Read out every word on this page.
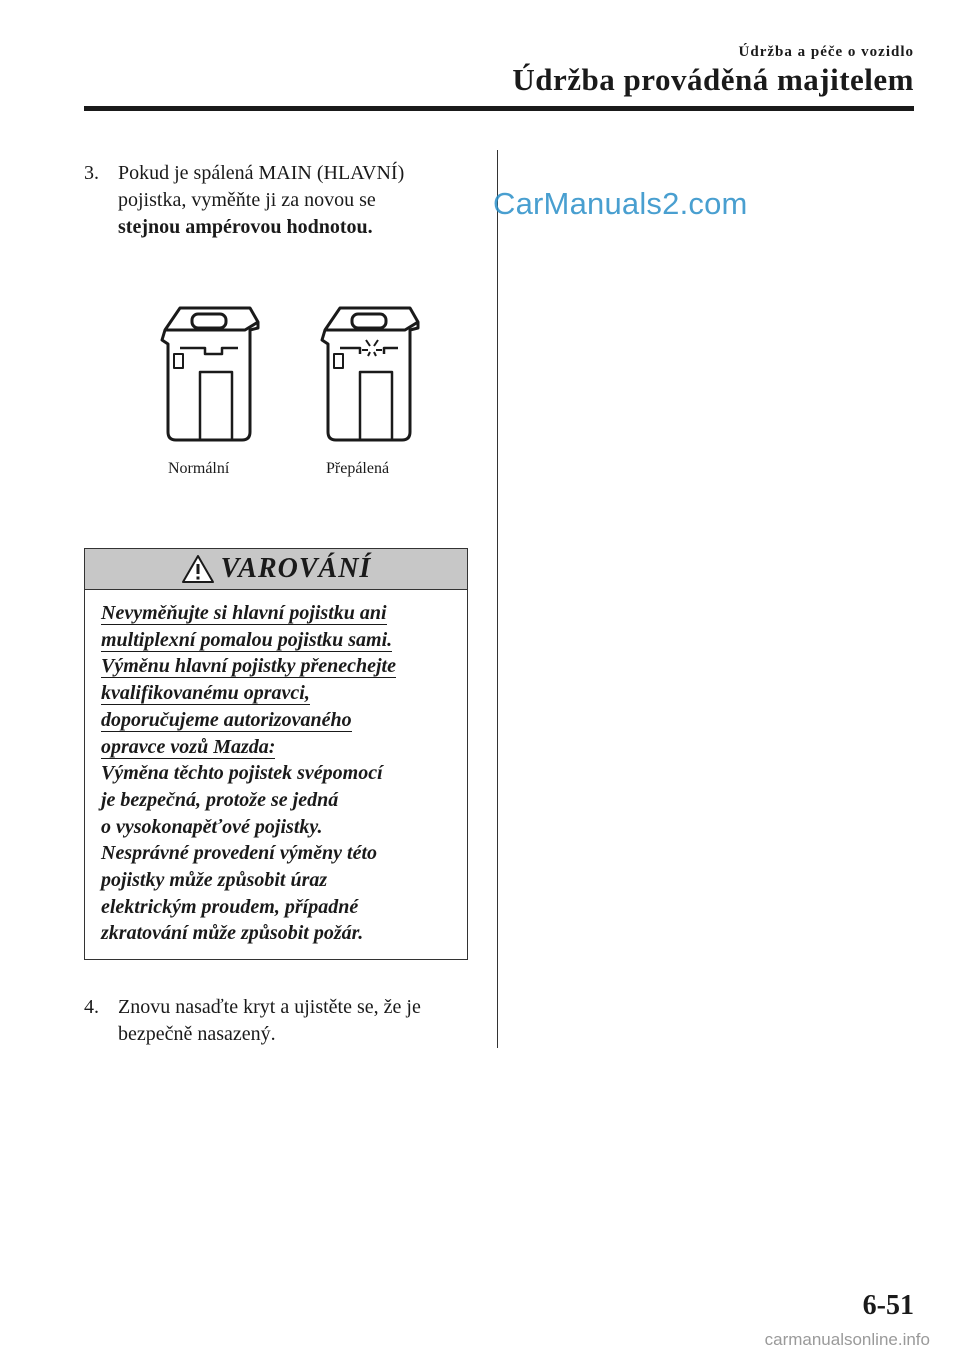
Údržba a péče o vozidlo
Údržba prováděná majitelem
CarManuals2.com
3. Pokud je spálená MAIN (HLAVNÍ)
pojistka, vyměňte ji za novou se
stejnou ampérovou hodnotou.
Normální	Přepálená
VAROVÁNÍ
Nevyměňujte si hlavní pojistku ani
multiplexní pomalou pojistku sami.
Výměnu hlavní pojistky přenechejte
kvalifikovanému opravci,
doporučujeme autorizovaného
opravce vozů Mazda:
Výměna těchto pojistek svépomocí
je bezpečná, protože se jedná
o vysokonapěťové pojistky.
Nesprávné provedení výměny této
pojistky může způsobit úraz
elektrickým proudem, případné
zkratování může způsobit požár.
4. Znovu nasaďte kryt a ujistěte se, že je
bezpečně nasazený.
6-51
carmanualsonline.info
